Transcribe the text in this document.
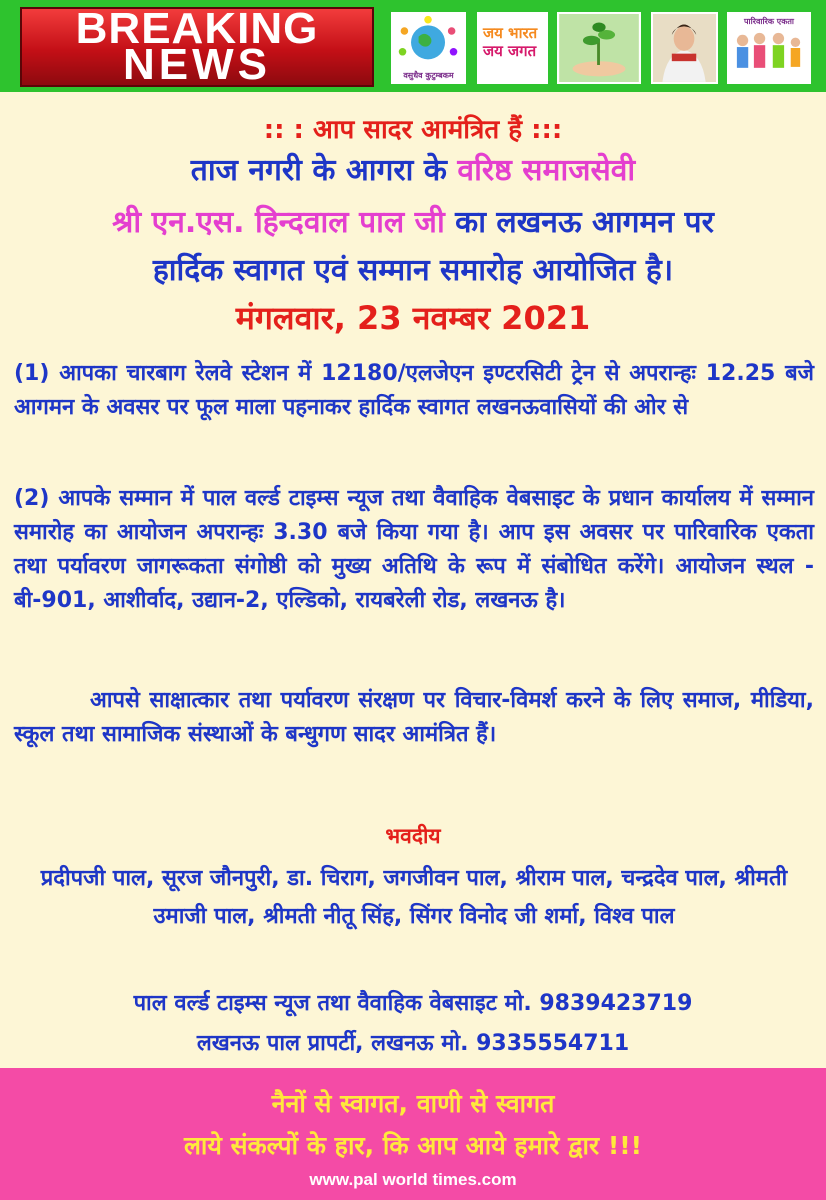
BREAKING
NEWS	वसुधैव कुटुम्बकम
जय भारत
जय जगत
पारिवारिक एकता
:: : आप सादर आमंत्रित हैं :::
ताज नगरी के आगरा के वरिष्ठ समाजसेवी
श्री एन.एस. हिन्दवाल पाल जी का लखनऊ आगमन पर
हार्दिक स्वागत एवं सम्मान समारोह आयोजित है।
मंगलवार, 23 नवम्बर 2021
(1) आपका चारबाग रेलवे स्टेशन में 12180/एलजेएन इण्टरसिटी ट्रेन से अपरान्हः 12.25 बजे आगमन के अवसर पर फूल माला पहनाकर हार्दिक स्वागत लखनऊवासियों की ओर से
(2) आपके सम्मान में पाल वर्ल्ड टाइम्स न्यूज तथा वैवाहिक वेबसाइट के प्रधान कार्यालय में सम्मान समारोह का आयोजन अपरान्हः 3.30 बजे किया गया है। आप इस अवसर पर पारिवारिक एकता तथा पर्यावरण जागरूकता संगोष्ठी को मुख्य अतिथि के रूप में संबोधित करेंगे। आयोजन स्थल - बी-901, आशीर्वाद, उद्यान-2, एल्डिको, रायबरेली रोड, लखनऊ है।
आपसे साक्षात्कार तथा पर्यावरण संरक्षण पर विचार-विमर्श करने के लिए समाज, मीडिया, स्कूल तथा सामाजिक संस्थाओं के बन्धुगण सादर आमंत्रित हैं।
भवदीय
प्रदीपजी पाल, सूरज जौनपुरी, डा. चिराग, जगजीवन पाल, श्रीराम पाल, चन्द्रदेव पाल, श्रीमती उमाजी पाल, श्रीमती नीतू सिंह, सिंगर विनोद जी शर्मा, विश्व पाल
पाल वर्ल्ड टाइम्स न्यूज तथा वैवाहिक वेबसाइट मो. 9839423719
लखनऊ पाल प्रापर्टी, लखनऊ मो. 9335554711
नैनों से स्वागत, वाणी से स्वागत
लाये संकल्पों के हार, कि आप आये हमारे द्वार !!!
www.pal world times.com
